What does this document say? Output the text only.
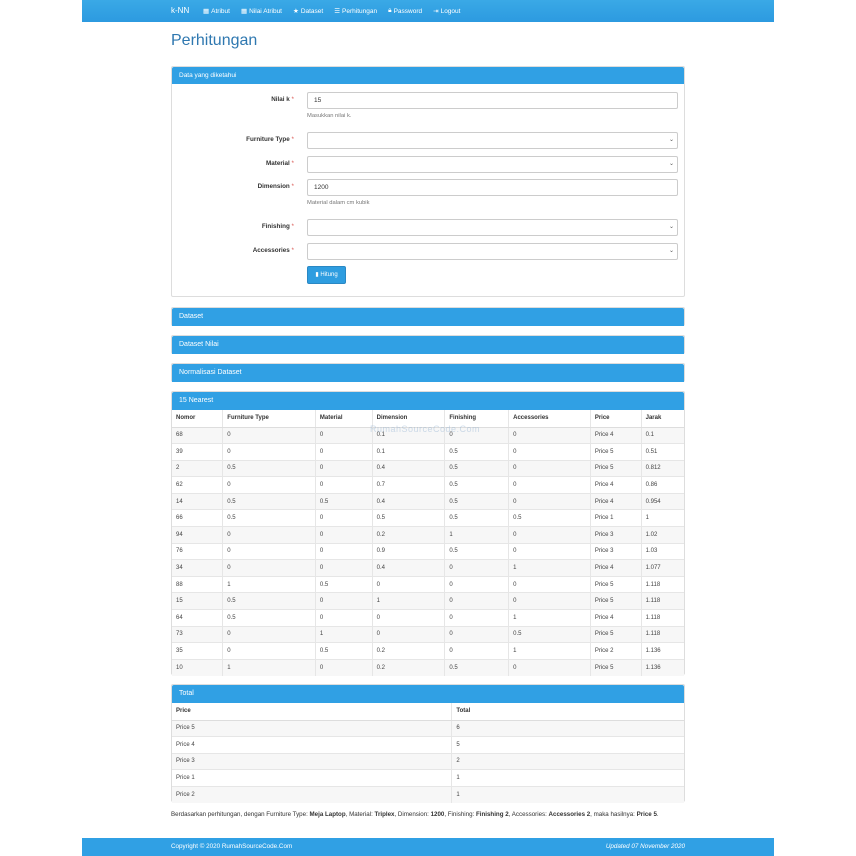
k-NN ▦ Atribut ▦ Nilai Atribut ★ Dataset ☰ Perhitungan 🔒︎ Password ⇥ Logout
Perhitungan
Data yang diketahui
Nilai k *	15
Masukkan nilai k.
Furniture Type *	⌄
Material *	⌄
Dimension *	1200
Material dalam cm kubik
Finishing *	⌄
Accessories *	⌄
▮ Hitung
Dataset
Dataset Nilai
Normalisasi Dataset
15 Nearest
Nomor	Furniture Type	Material	Dimension	Finishing	Accessories	Price	Jarak
68	0	0	0.1	0	0	Price 4	0.1
39	0	0	0.1	0.5	0	Price 5	0.51
2	0.5	0	0.4	0.5	0	Price 5	0.812
62	0	0	0.7	0.5	0	Price 4	0.86
14	0.5	0.5	0.4	0.5	0	Price 4	0.954
66	0.5	0	0.5	0.5	0.5	Price 1	1
94	0	0	0.2	1	0	Price 3	1.02
76	0	0	0.9	0.5	0	Price 3	1.03
34	0	0	0.4	0	1	Price 4	1.077
88	1	0.5	0	0	0	Price 5	1.118
15	0.5	0	1	0	0	Price 5	1.118
64	0.5	0	0	0	1	Price 4	1.118
73	0	1	0	0	0.5	Price 5	1.118
35	0	0.5	0.2	0	1	Price 2	1.136
10	1	0	0.2	0.5	0	Price 5	1.136
RumahSourceCode.Com
Total
Price	Total
Price 5	6
Price 4	5
Price 3	2
Price 1	1
Price 2	1
Berdasarkan perhitungan, dengan Furniture Type: Meja Laptop, Material: Triplex, Dimension: 1200, Finishing: Finishing 2, Accessories: Accessories 2, maka hasilnya: Price 5.
Copyright © 2020 RumahSourceCode.Com	Updated 07 November 2020
